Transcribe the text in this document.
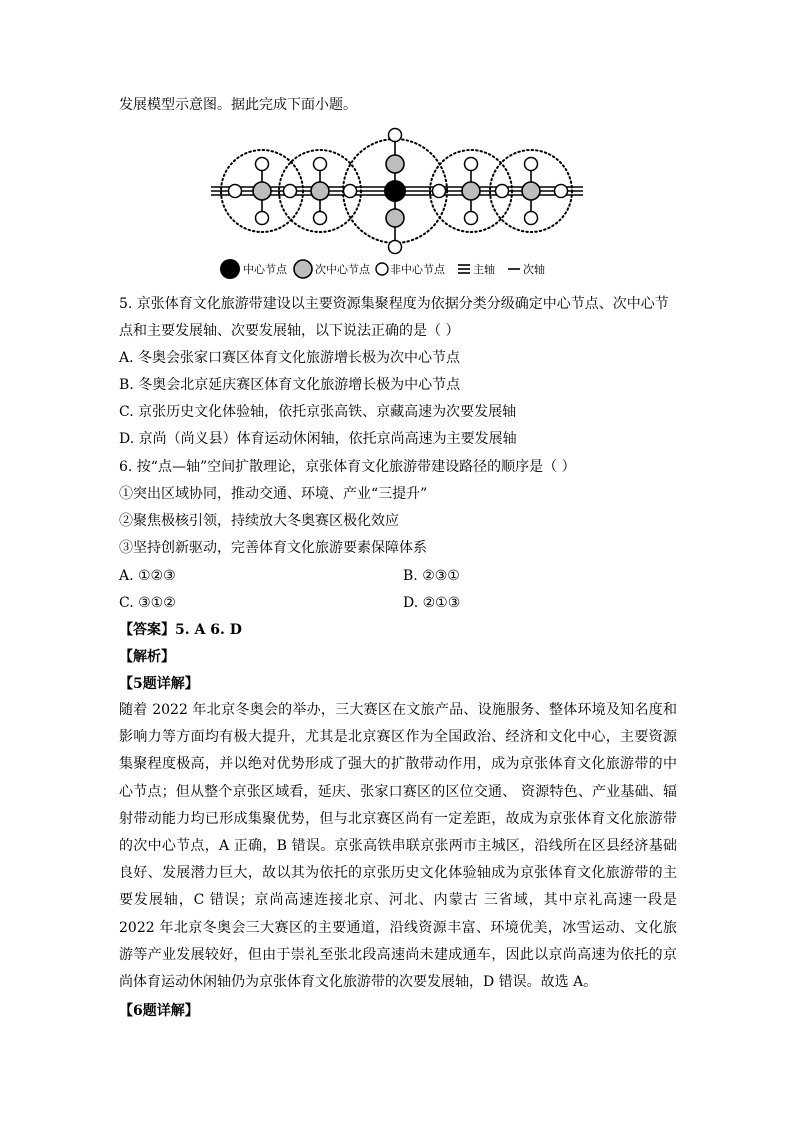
发展模型示意图。据此完成下面小题。
中心节点	次中心节点 非中心节点	主轴	次轴
5. 京张体育文化旅游带建设以主要资源集聚程度为依据分类分级确定中心节点、次中心节
点和主要发展轴、次要发展轴，以下说法正确的是（ ）
A. 冬奥会张家口赛区体育文化旅游增长极为次中心节点
B. 冬奥会北京延庆赛区体育文化旅游增长极为中心节点
C. 京张历史文化体验轴，依托京张高铁、京藏高速为次要发展轴
D. 京尚（尚义县）体育运动休闲轴，依托京尚高速为主要发展轴
6. 按“点—轴”空间扩散理论，京张体育文化旅游带建设路径的顺序是（ ）
①突出区域协同，推动交通、环境、产业“三提升”
②聚焦极核引领，持续放大冬奥赛区极化效应
③坚持创新驱动，完善体育文化旅游要素保障体系
A. ①②③	B. ②③①
C. ③①②	D. ②①③
【答案】5. A 6. D
【解析】
【5题详解】
随着 2022 年北京冬奥会的举办，三大赛区在文旅产品、设施服务、整体环境及知名度和影响力等方面均有极大提升，尤其是北京赛区作为全国政治、经济和文化中心，主要资源集聚程度极高，并以绝对优势形成了强大的扩散带动作用，成为京张体育文化旅游带的中心节点；但从整个京张区域看，延庆、张家口赛区的区位交通、 资源特色、产业基础、辐射带动能力均已形成集聚优势，但与北京赛区尚有一定差距，故成为京张体育文化旅游带的次中心节点，A 正确，B 错误。京张高铁串联京张两市主城区，沿线所在区县经济基础良好、发展潜力巨大，故以其为依托的京张历史文化体验轴成为京张体育文化旅游带的主要发展轴，C 错误；京尚高速连接北京、河北、内蒙古 三省域，其中京礼高速一段是 2022 年北京冬奥会三大赛区的主要通道，沿线资源丰富、环境优美，冰雪运动、文化旅游等产业发展较好，但由于崇礼至张北段高速尚未建成通车，因此以京尚高速为依托的京尚体育运动休闲轴仍为京张体育文化旅游带的次要发展轴，D 错误。故选 A。
【6题详解】
